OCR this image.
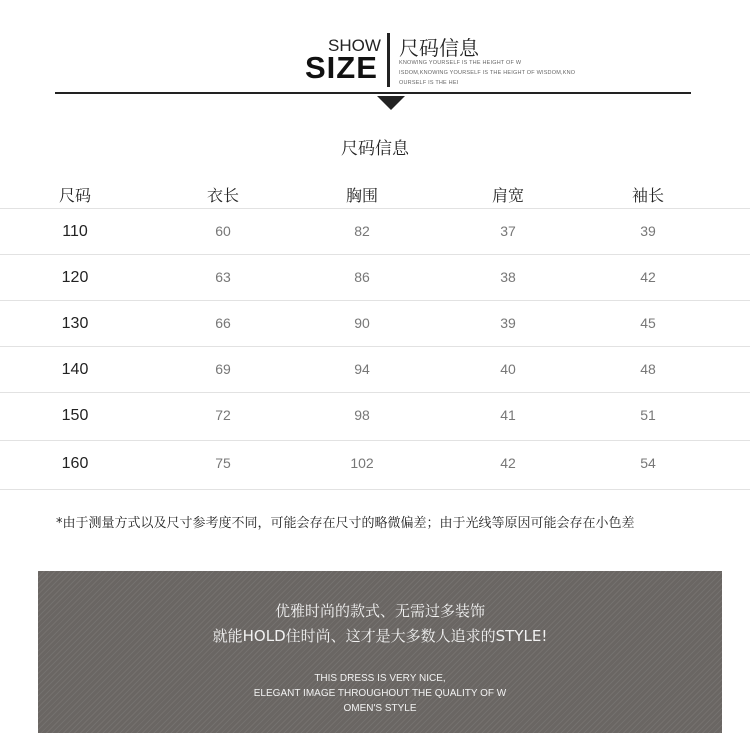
SHOW
SIZE
尺码信息
KNOWING YOURSELF IS THE HEIGHT OF W
ISDOM,KNOWING YOURSELF IS THE HEIGHT OF WISDOM,KNO
OURSELF IS THE HEI
尺码信息
尺码	衣长	胸围	肩宽	袖长
110	60	82	37	39
120	63	86	38	42
130	66	90	39	45
140	69	94	40	48
150	72	98	41	51
160	75	102	42	54
*由于测量方式以及尺寸参考度不同，可能会存在尺寸的略微偏差；由于光线等原因可能会存在小色差
优雅时尚的款式、无需过多装饰
就能HOLD住时尚、这才是大多数人追求的STYLE!
THIS DRESS IS VERY NICE,
ELEGANT IMAGE THROUGHOUT THE QUALITY OF W
OMEN'S STYLE
